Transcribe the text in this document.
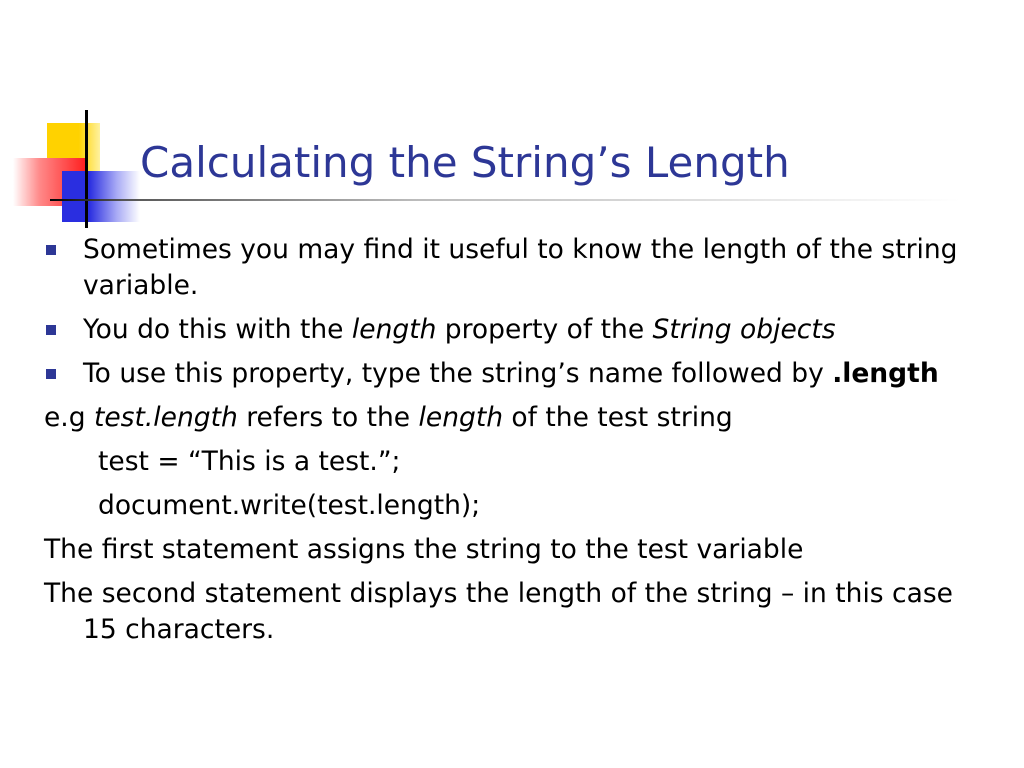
Calculating the String’s Length
Sometimes you may find it useful to know the length of the string variable.
You do this with the length property of the String objects
To use this property, type the string’s name followed by .length
e.g test.length refers to the length of the test string
test = “This is a test.”;
document.write(test.length);
The first statement assigns the string to the test variable
The second statement displays the length of the string – in this case 15 characters.
